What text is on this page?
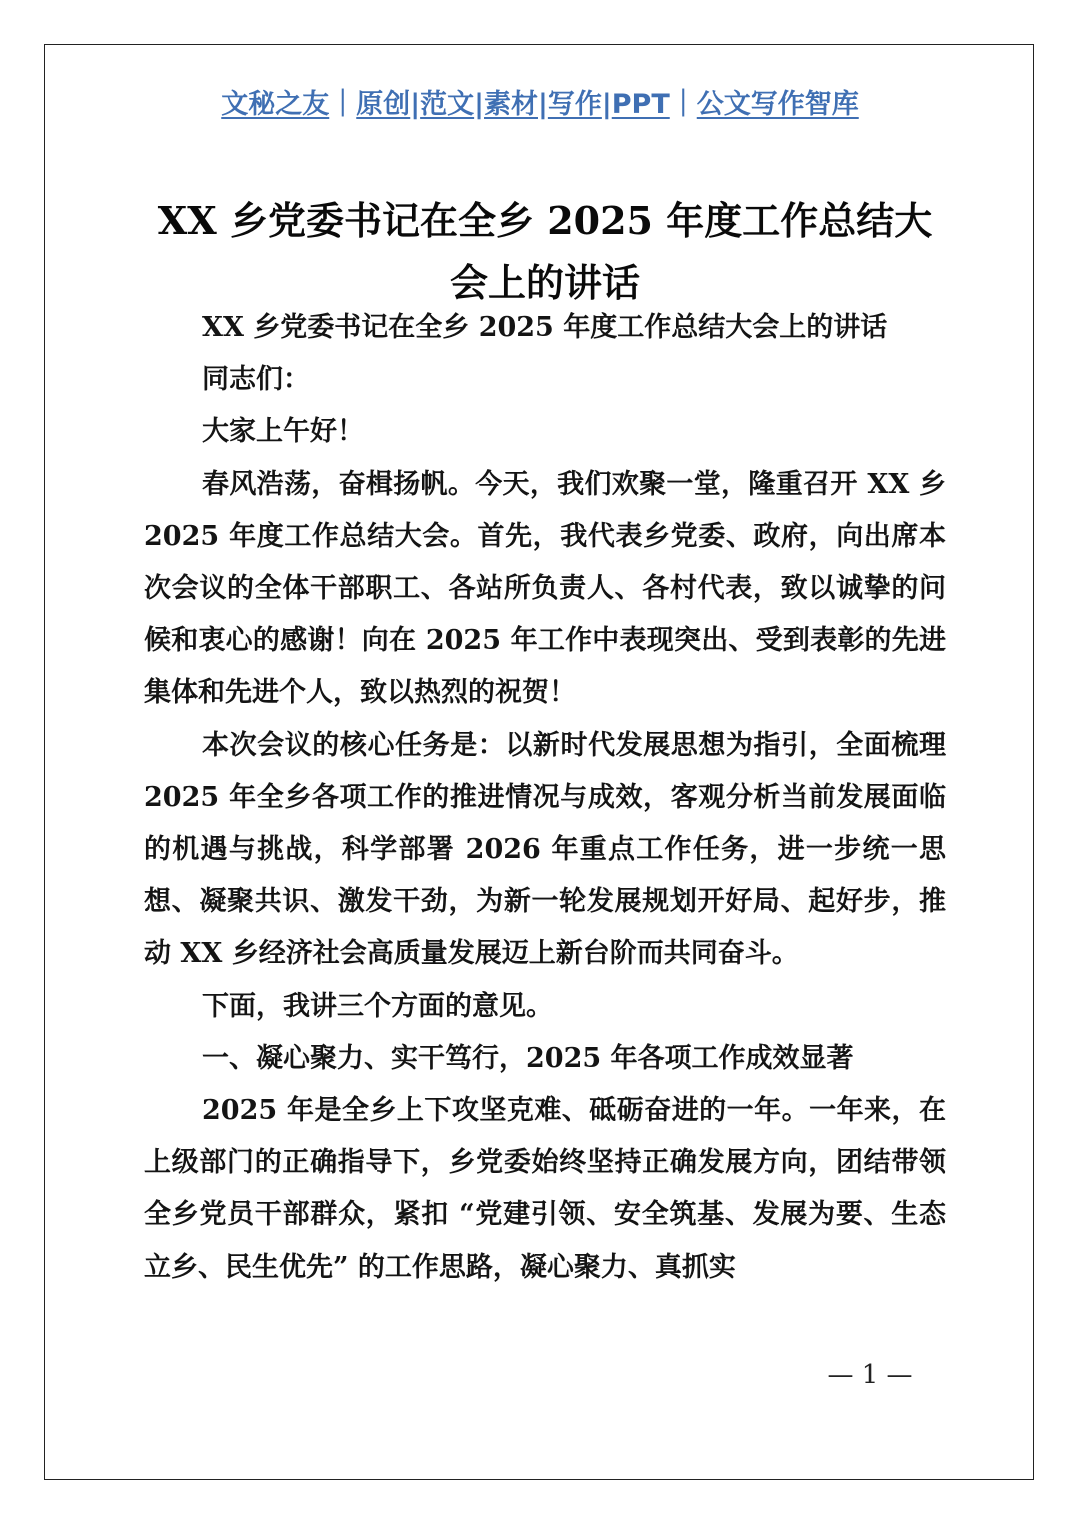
文秘之友｜原创|范文|素材|写作|PPT｜公文写作智库
XX 乡党委书记在全乡 2025 年度工作总结大会上的讲话

XX 乡党委书记在全乡 2025 年度工作总结大会上的讲话

同志们：

大家上午好！

春风浩荡，奋楫扬帆。今天，我们欢聚一堂，隆重召开 XX 乡 2025 年度工作总结大会。首先，我代表乡党委、政府，向出席本次会议的全体干部职工、各站所负责人、各村代表，致以诚挚的问候和衷心的感谢！向在 2025 年工作中表现突出、受到表彰的先进集体和先进个人，致以热烈的祝贺！

本次会议的核心任务是：以新时代发展思想为指引，全面梳理 2025 年全乡各项工作的推进情况与成效，客观分析当前发展面临的机遇与挑战，科学部署 2026 年重点工作任务，进一步统一思想、凝聚共识、激发干劲，为新一轮发展规划开好局、起好步，推动 XX 乡经济社会高质量发展迈上新台阶而共同奋斗。

下面，我讲三个方面的意见。

一、凝心聚力、实干笃行，2025 年各项工作成效显著

2025 年是全乡上下攻坚克难、砥砺奋进的一年。一年来，在上级部门的正确指导下，乡党委始终坚持正确发展方向，团结带领全乡党员干部群众，紧扣 “党建引领、安全筑基、发展为要、生态立乡、民生优先” 的工作思路，凝心聚力、真抓实

— 1 —
